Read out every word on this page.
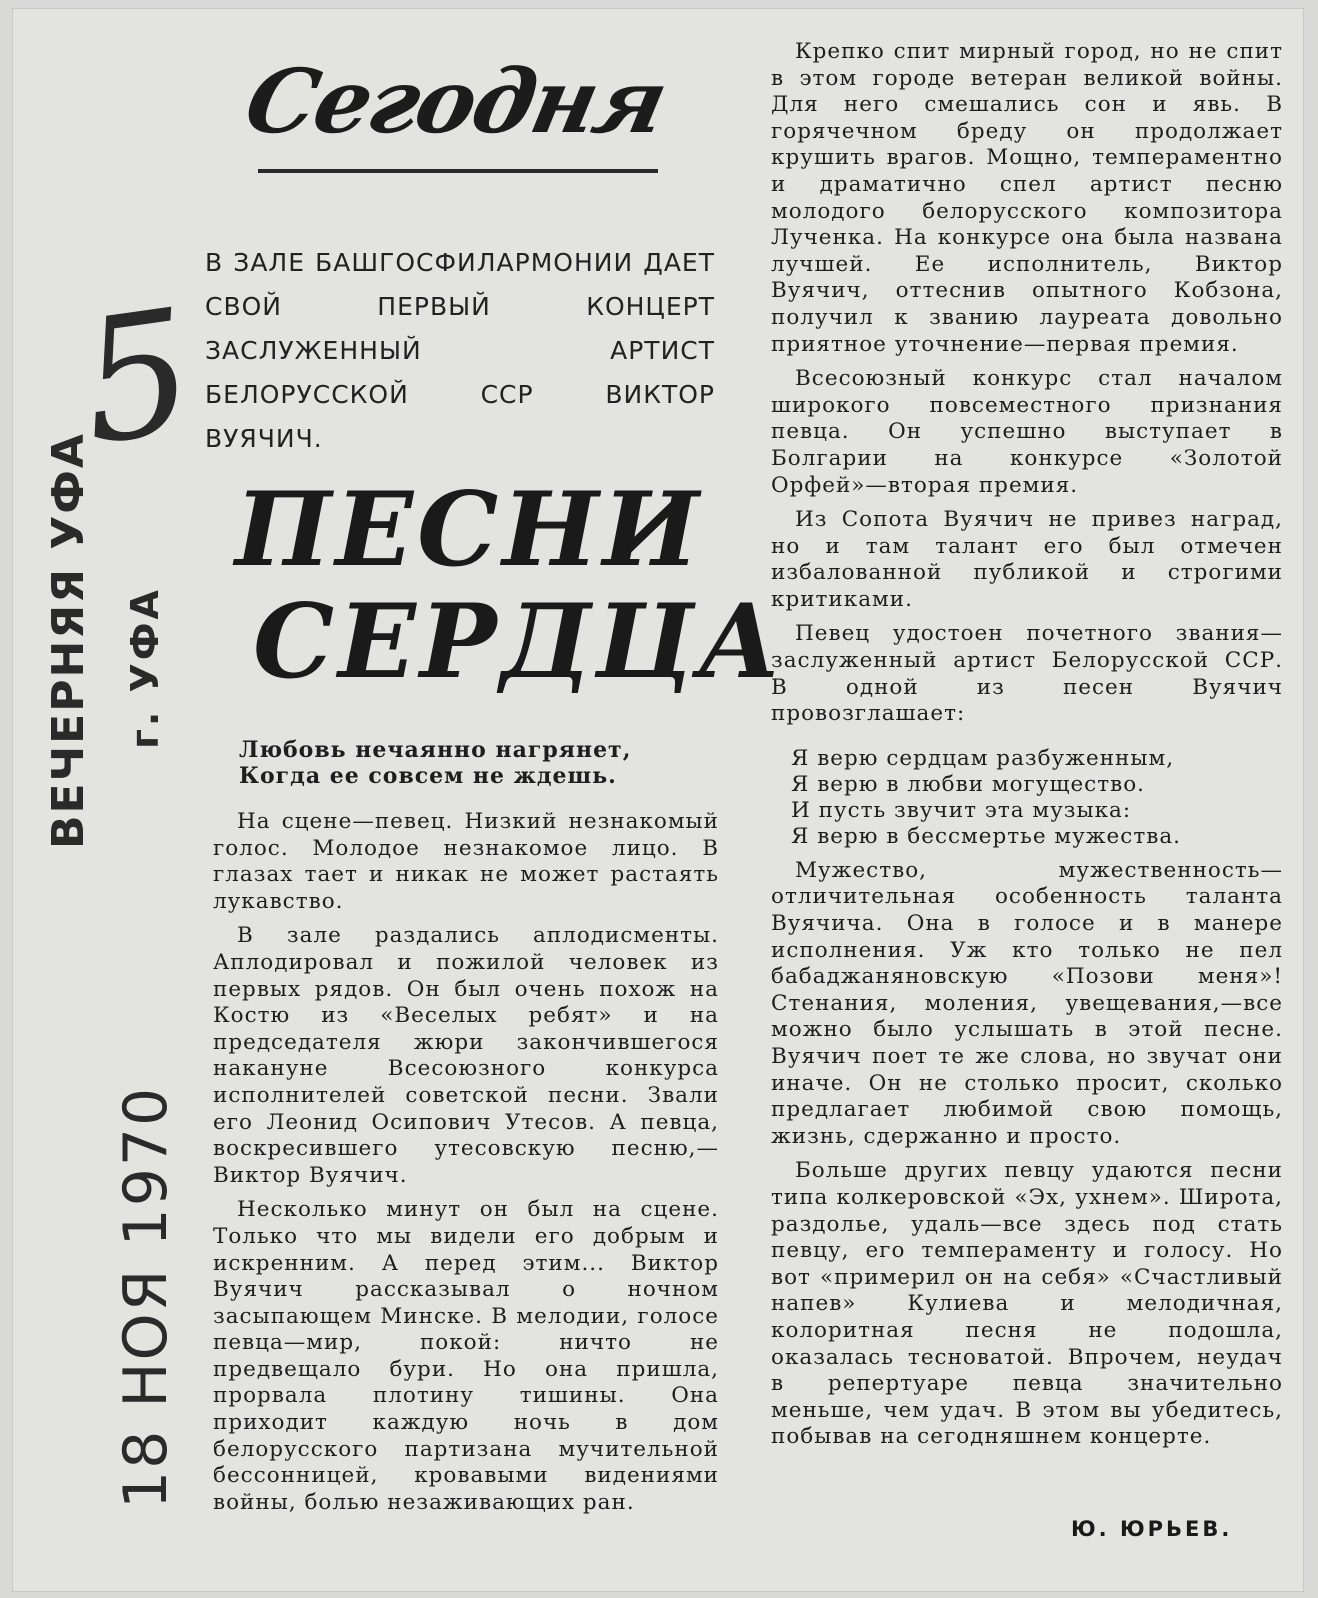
ВЕЧЕРНЯЯ УФА г. УФА
18 НОЯ 1970
5
Сегодня
В ЗАЛЕ БАШГОСФИЛАРМОНИИ ДАЕТ СВОЙ ПЕРВЫЙ КОНЦЕРТ ЗАСЛУЖЕННЫЙ АРТИСТ БЕЛОРУССКОЙ ССР ВИКТОР ВУЯЧИЧ.
ПЕСНИ
СЕРДЦА
Любовь нечаянно нагрянет,
Когда ее совсем не ждешь.

На сцене—певец. Низкий незнакомый голос. Молодое незнакомое лицо. В глазах тает и никак не может растаять лукавство.

В зале раздались аплодисменты. Аплодировал и пожилой человек из первых рядов. Он был очень похож на Костю из «Веселых ребят» и на председателя жюри закончившегося накануне Всесоюзного конкурса исполнителей советской песни. Звали его Леонид Осипович Утесов. А певца, воскресившего утесовскую песню,—Виктор Вуячич.

Несколько минут он был на сцене. Только что мы видели его добрым и искренним. А перед этим... Виктор Вуячич рассказывал о ночном засыпающем Минске. В мелодии, голосе певца—мир, покой: ничто не предвещало бури. Но она пришла, прорвала плотину тишины. Она приходит каждую ночь в дом белорусского партизана мучительной бессонницей, кровавыми видениями войны, болью незаживающих ран.

Крепко спит мирный город, но не спит в этом городе ветеран великой войны. Для него смешались сон и явь. В горячечном бреду он продолжает крушить врагов. Мощно, темпераментно и драматично спел артист песню молодого белорусского композитора Лученка. На конкурсе она была названа лучшей. Ее исполнитель, Виктор Вуячич, оттеснив опытного Кобзона, получил к званию лауреата довольно приятное уточнение—первая премия.

Всесоюзный конкурс стал началом широкого повсеместного признания певца. Он успешно выступает в Болгарии на конкурсе «Золотой Орфей»—вторая премия.

Из Сопота Вуячич не привез наград, но и там талант его был отмечен избалованной публикой и строгими критиками.

Певец удостоен почетного звания—заслуженный артист Белорусской ССР. В одной из песен Вуячич провозглашает:

Я верю сердцам разбуженным,
Я верю в любви могущество.
И пусть звучит эта музыка:
Я верю в бессмертье мужества.

Мужество, мужественность—отличительная особенность таланта Вуячича. Она в голосе и в манере исполнения. Уж кто только не пел бабаджаняновскую «Позови меня»! Стенания, моления, увещевания,—все можно было услышать в этой песне. Вуячич поет те же слова, но звучат они иначе. Он не столько просит, сколько предлагает любимой свою помощь, жизнь, сдержанно и просто.

Больше других певцу удаются песни типа колкеровской «Эх, ухнем». Широта, раздолье, удаль—все здесь под стать певцу, его темпераменту и голосу. Но вот «примерил он на себя» «Счастливый напев» Кулиева и мелодичная, колоритная песня не подошла, оказалась тесноватой. Впрочем, неудач в репертуаре певца значительно меньше, чем удач. В этом вы убедитесь, побывав на сегодняшнем концерте.

Ю. ЮРЬЕВ.
